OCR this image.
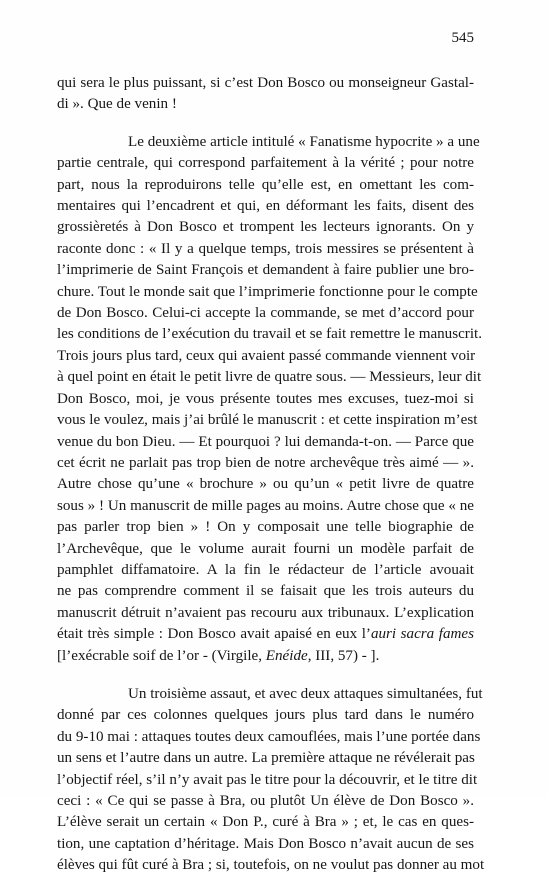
545

qui sera le plus puissant, si c’est Don Bosco ou monseigneur Gastal-
di ». Que de venin !

Le deuxième article intitulé « Fanatisme hypocrite » a une
partie centrale, qui correspond parfaitement à la vérité ; pour notre
part, nous la reproduirons telle qu’elle est, en omettant les com-
mentaires qui l’encadrent et qui, en déformant les faits, disent des
grossièretés à Don Bosco et trompent les lecteurs ignorants. On y
raconte donc : « Il y a quelque temps, trois messires se présentent à
l’imprimerie de Saint François et demandent à faire publier une bro-
chure. Tout le monde sait que l’imprimerie fonctionne pour le compte
de Don Bosco. Celui-ci accepte la commande, se met d’accord pour
les conditions de l’exécution du travail et se fait remettre le manuscrit.
Trois jours plus tard, ceux qui avaient passé commande viennent voir
à quel point en était le petit livre de quatre sous. — Messieurs, leur dit
Don Bosco, moi, je vous présente toutes mes excuses, tuez-moi si
vous le voulez, mais j’ai brûlé le manuscrit : et cette inspiration m’est
venue du bon Dieu. — Et pourquoi ? lui demanda-t-on. — Parce que
cet écrit ne parlait pas trop bien de notre archevêque très aimé — ».
Autre chose qu’une « brochure » ou qu’un « petit livre de quatre
sous » ! Un manuscrit de mille pages au moins. Autre chose que « ne
pas parler trop bien » ! On y composait une telle biographie de
l’Archevêque, que le volume aurait fourni un modèle parfait de
pamphlet diffamatoire. A la fin le rédacteur de l’article avouait
ne pas comprendre comment il se faisait que les trois auteurs du
manuscrit détruit n’avaient pas recouru aux tribunaux. L’explication
était très simple : Don Bosco avait apaisé en eux l’auri sacra fames
[l’exécrable soif de l’or - (Virgile, Enéide, III, 57) - ].

Un troisième assaut, et avec deux attaques simultanées, fut
donné par ces colonnes quelques jours plus tard dans le numéro
du 9-10 mai : attaques toutes deux camouflées, mais l’une portée dans
un sens et l’autre dans un autre. La première attaque ne révélerait pas
l’objectif réel, s’il n’y avait pas le titre pour la découvrir, et le titre dit
ceci : « Ce qui se passe à Bra, ou plutôt Un élève de Don Bosco ».
L’élève serait un certain « Don P., curé à Bra » ; et, le cas en ques-
tion, une captation d’héritage. Mais Don Bosco n’avait aucun de ses
élèves qui fût curé à Bra ; si, toutefois, on ne voulut pas donner au mot
